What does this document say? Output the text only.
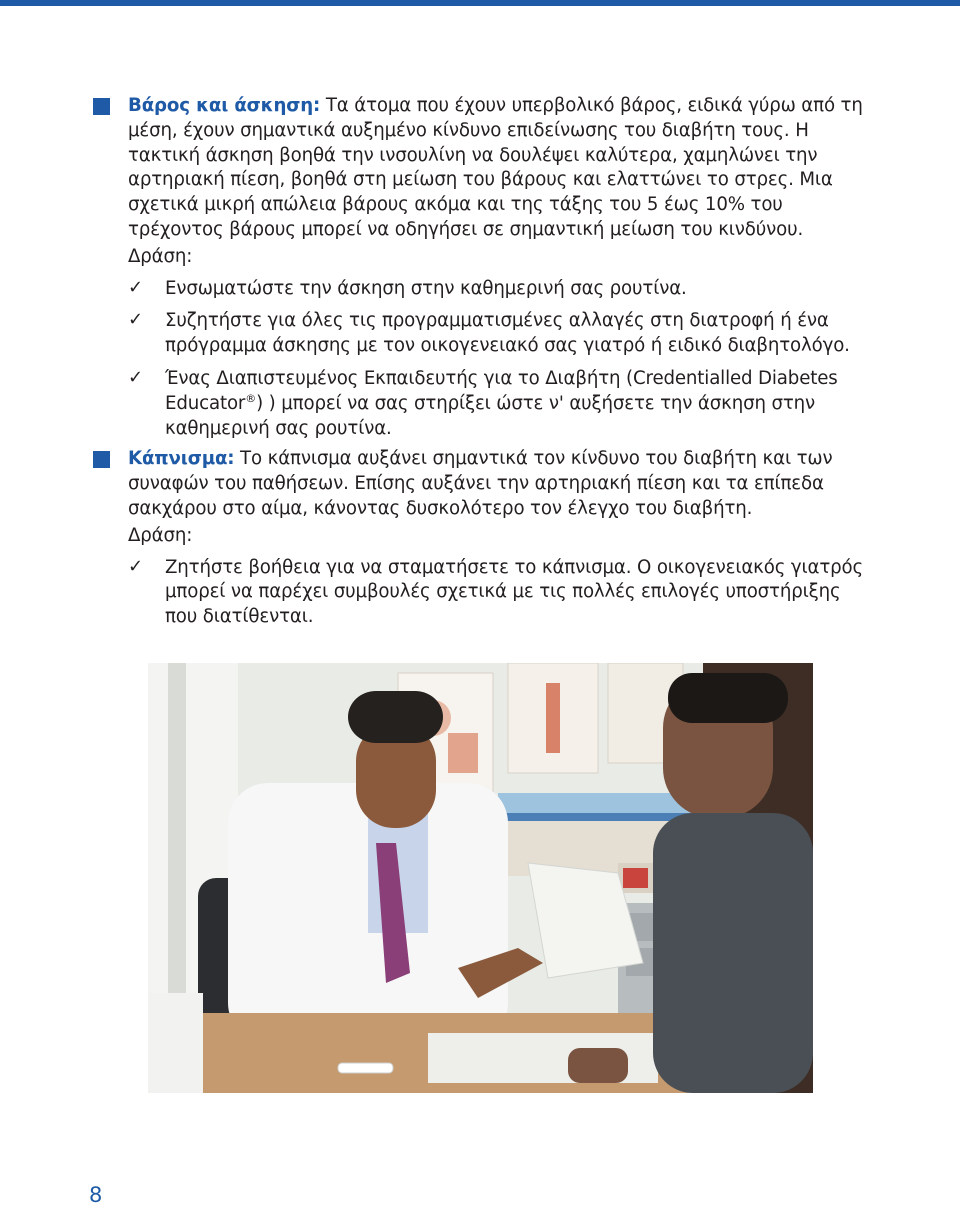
Βάρος και άσκηση: Τα άτομα που έχουν υπερβολικό βάρος, ειδικά γύρω από τη μέση, έχουν σημαντικά αυξημένο κίνδυνο επιδείνωσης του διαβήτη τους. Η τακτική άσκηση βοηθά την ινσουλίνη να δουλέψει καλύτερα, χαμηλώνει την αρτηριακή πίεση, βοηθά στη μείωση του βάρους και ελαττώνει το στρες. Μια σχετικά μικρή απώλεια βάρους ακόμα και της τάξης του 5 έως 10% του τρέχοντος βάρους μπορεί να οδηγήσει σε σημαντική μείωση του κινδύνου.
Δράση:
✓	Ενσωματώστε την άσκηση στην καθημερινή σας ρουτίνα.
✓	Συζητήστε για όλες τις προγραμματισμένες αλλαγές στη διατροφή ή ένα πρόγραμμα άσκησης με τον οικογενειακό σας γιατρό ή ειδικό διαβητολόγο.
✓	Ένας Διαπιστευμένος Εκπαιδευτής για το Διαβήτη (Credentialled Diabetes Educator®) ) μπορεί να σας στηρίξει ώστε ν' αυξήσετε την άσκηση στην καθημερινή σας ρουτίνα.
Κάπνισμα: Το κάπνισμα αυξάνει σημαντικά τον κίνδυνο του διαβήτη και των συναφών του παθήσεων. Επίσης αυξάνει την αρτηριακή πίεση και τα επίπεδα σακχάρου στο αίμα, κάνοντας δυσκολότερο τον έλεγχο του διαβήτη.
Δράση:
✓	Ζητήστε βοήθεια για να σταματήσετε το κάπνισμα. Ο οικογενειακός γιατρός μπορεί να παρέχει συμβουλές σχετικά με τις πολλές επιλογές υποστήριξης που διατίθενται.
8
